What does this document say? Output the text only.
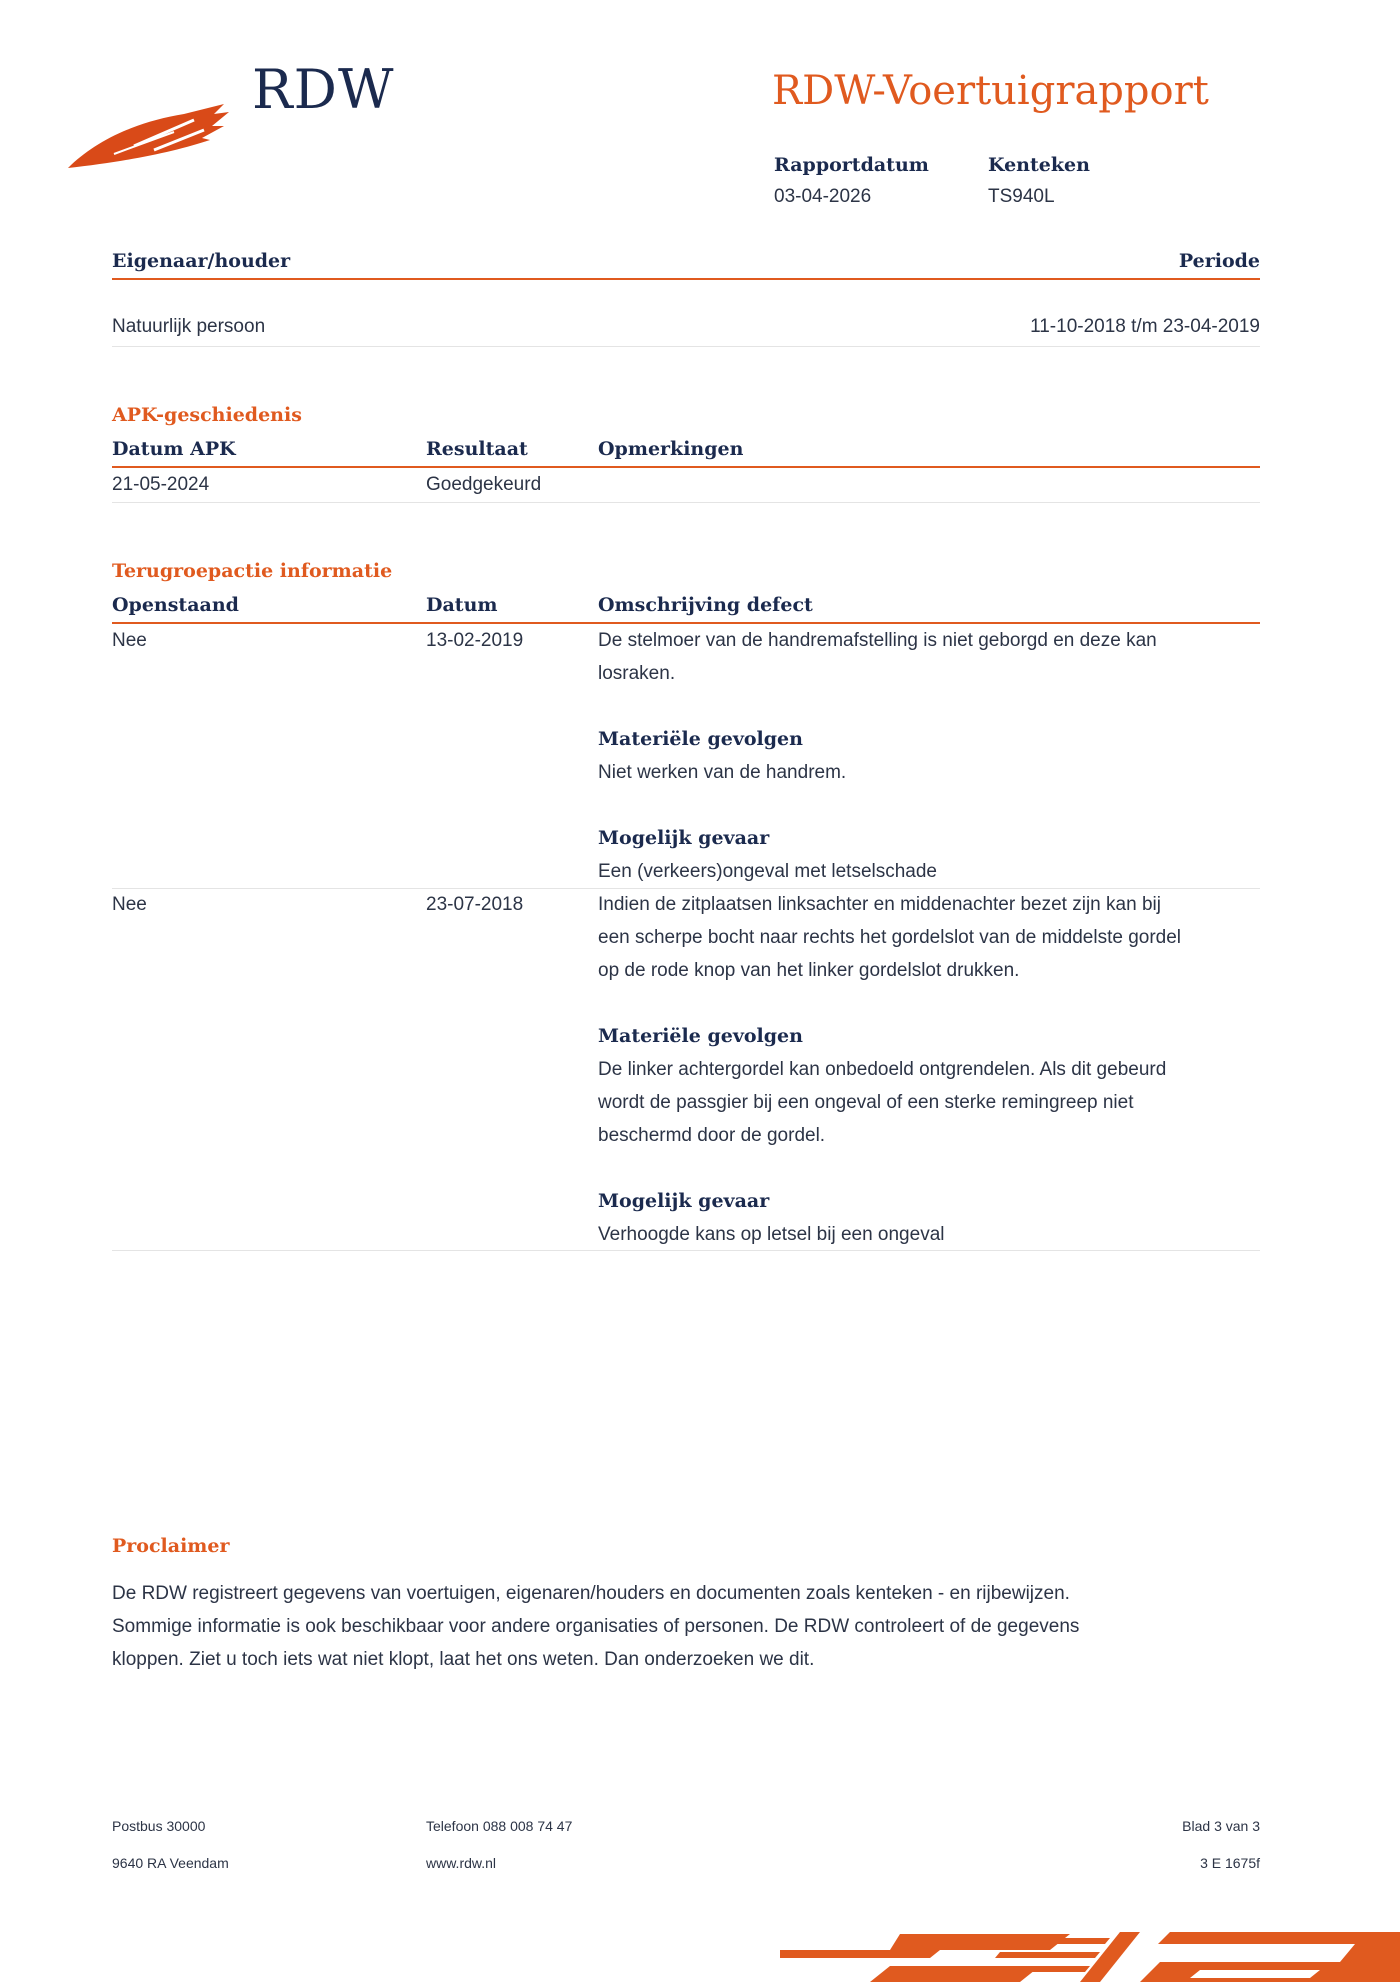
RDW	RDW-Voertuigrapport
Rapportdatum
03-04-2026
Kenteken
TS940L
Eigenaar/houder	Periode
Natuurlijk persoon	11-10-2018 t/m 23-04-2019
APK-geschiedenis
Datum APK	Resultaat	Opmerkingen
21-05-2024	Goedgekeurd
Terugroepactie informatie
Openstaand	Datum	Omschrijving defect
Nee	13-02-2019	De stelmoer van de handremafstelling is niet geborgd en deze kan
losraken.
Materiële gevolgen
Niet werken van de handrem.
Mogelijk gevaar
Een (verkeers)ongeval met letselschade
Nee	23-07-2018	Indien de zitplaatsen linksachter en middenachter bezet zijn kan bij
een scherpe bocht naar rechts het gordelslot van de middelste gordel
op de rode knop van het linker gordelslot drukken.
Materiële gevolgen
De linker achtergordel kan onbedoeld ontgrendelen. Als dit gebeurd
wordt de passgier bij een ongeval of een sterke remingreep niet
beschermd door de gordel.
Mogelijk gevaar
Verhoogde kans op letsel bij een ongeval
Proclaimer
De RDW registreert gegevens van voertuigen, eigenaren/houders en documenten zoals kenteken - en rijbewijzen.
Sommige informatie is ook beschikbaar voor andere organisaties of personen. De RDW controleert of de gegevens
kloppen. Ziet u toch iets wat niet klopt, laat het ons weten. Dan onderzoeken we dit.
Postbus 30000
9640 RA Veendam
Telefoon 088 008 74 47
www.rdw.nl
Blad 3 van 3
3 E 1675f
